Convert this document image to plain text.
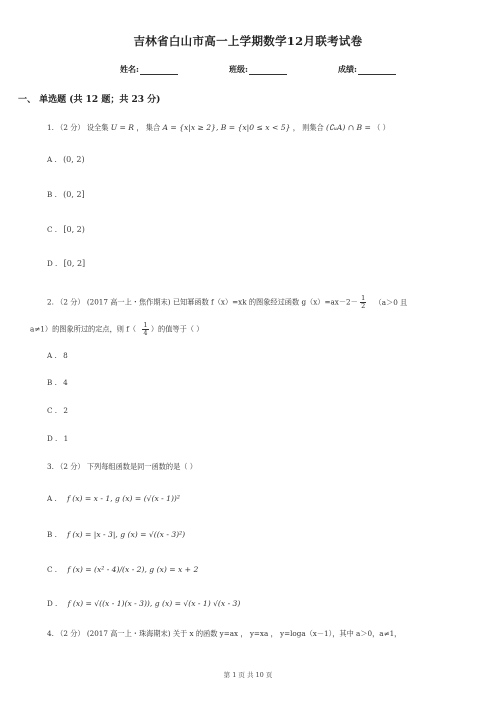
吉林省白山市高一上学期数学12月联考试卷
姓名:	班级:	成绩:
一、 单选题 (共 12 题；共 23 分)
1. （2 分） 设全集 U = R ， 集合 A = {x|x ≥ 2}, B = {x|0 ≤ x < 5} ， 则集合 (∁ᵤA) ∩ B = （ ）
A . (0, 2)
B . (0, 2]
C . [0, 2)
D . [0, 2]
2. （2 分） (2017 高一上・焦作期末) 已知幂函数 f（x）=xk 的图象经过函数 $g(x)=ax-2- \frac{1}{2} (a>0$ 且
a≠1）的图象所过的定点，则 $f( \frac{1}{4}$ ）的值等于（ ）
A . 8
B . 4
C . 2
D . 1
3. （2 分） 下列每组函数是同一函数的是（ ）
A . f (x) = x - 1, g (x) = (√(x - 1))²
B . f (x) = |x - 3|, g (x) = √((x - 3)²)
C . f (x) = (x² - 4)/(x - 2), g (x) = x + 2
D . f (x) = √((x - 1)(x - 3)), g (x) = √(x - 1) √(x - 3)
4. （2 分） (2017 高一上・珠海期末) 关于 x 的函数 y=ax ， y=xa ， y=loga（x－1），其中 a＞0，a≠1，
第 1 页 共 10 页
